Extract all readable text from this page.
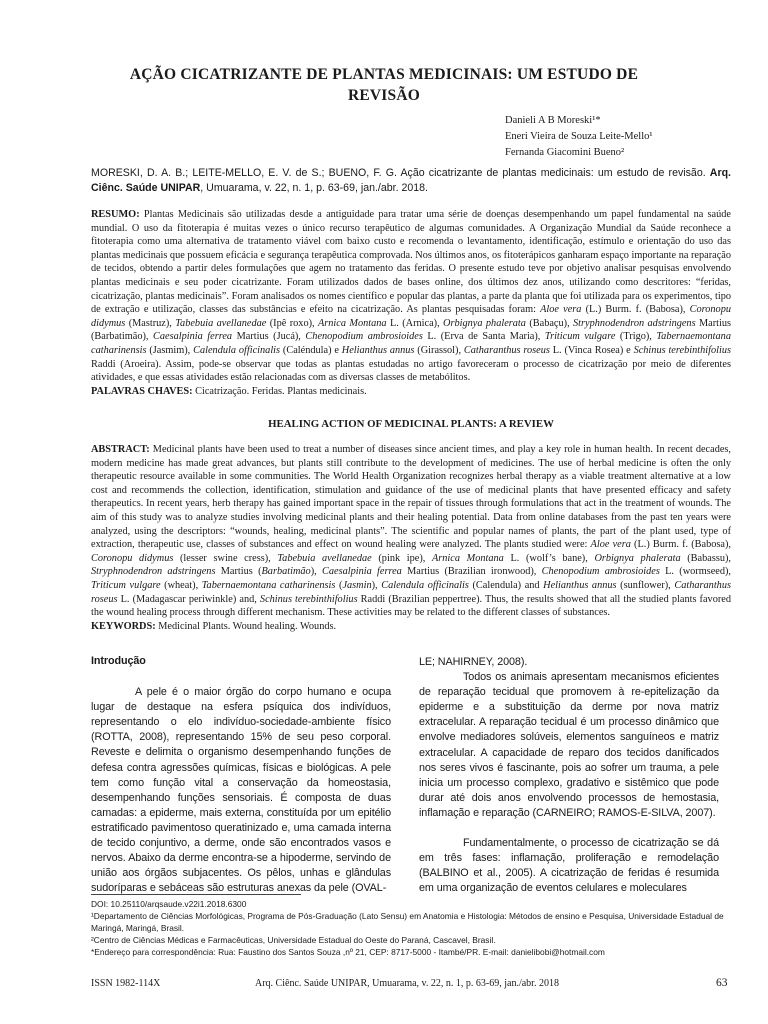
AÇÃO CICATRIZANTE DE PLANTAS MEDICINAIS: UM ESTUDO DE
REVISÃO
Danieli A B Moreski¹*
Eneri Vieira de Souza Leite-Mello¹
Fernanda Giacomini Bueno²
MORESKI, D. A. B.; LEITE-MELLO, E. V. de S.; BUENO, F. G. Ação cicatrizante de plantas medicinais: um estudo de revisão. Arq. Ciênc. Saúde UNIPAR, Umuarama, v. 22, n. 1, p. 63-69, jan./abr. 2018.
RESUMO: Plantas Medicinais são utilizadas desde a antiguidade para tratar uma série de doenças desempenhando um papel fundamental na saúde mundial. O uso da fitoterapia é muitas vezes o único recurso terapêutico de algumas comunidades. A Organização Mundial da Saúde reconhece a fitoterapia como uma alternativa de tratamento viável com baixo custo e recomenda o levantamento, identificação, estímulo e orientação do uso das plantas medicinais que possuem eficácia e segurança terapêutica comprovada. Nos últimos anos, os fitoterápicos ganharam espaço importante na reparação de tecidos, obtendo a partir deles formulações que agem no tratamento das feridas. O presente estudo teve por objetivo analisar pesquisas envolvendo plantas medicinais e seu poder cicatrizante. Foram utilizados dados de bases online, dos últimos dez anos, utilizando como descritores: “feridas, cicatrização, plantas medicinais”. Foram analisados os nomes científico e popular das plantas, a parte da planta que foi utilizada para os experimentos, tipo de extração e utilização, classes das substâncias e efeito na cicatrização. As plantas pesquisadas foram: Aloe vera (L.) Burm. f. (Babosa), Coronopu didymus (Mastruz), Tabebuia avellanedae (Ipê roxo), Arnica Montana L. (Arnica), Orbignya phalerata (Babaçu), Stryphnodendron adstringens Martius (Barbatimão), Caesalpinia ferrea Martius (Jucá), Chenopodium ambrosioides L. (Erva de Santa Maria), Triticum vulgare (Trigo), Tabernaemontana catharinensis (Jasmim), Calendula officinalis (Caléndula) e Helianthus annus (Girassol), Catharanthus roseus L. (Vinca Rosea) e Schinus terebinthifolius Raddi (Aroeira). Assim, pode-se observar que todas as plantas estudadas no artigo favoreceram o processo de cicatrização por meio de diferentes atividades, e que essas atividades estão relacionadas com as diversas classes de metabólitos.
PALAVRAS CHAVES: Cicatrização. Feridas. Plantas medicinais.
HEALING ACTION OF MEDICINAL PLANTS: A REVIEW
ABSTRACT: Medicinal plants have been used to treat a number of diseases since ancient times, and play a key role in human health. In recent decades, modern medicine has made great advances, but plants still contribute to the development of medicines. The use of herbal medicine is often the only therapeutic resource available in some communities. The World Health Organization recognizes herbal therapy as a viable treatment alternative at a low cost and recommends the collection, identification, stimulation and guidance of the use of medicinal plants that have presented efficacy and safety therapeutics. In recent years, herb therapy has gained important space in the repair of tissues through formulations that act in the treatment of wounds. The aim of this study was to analyze studies involving medicinal plants and their healing potential. Data from online databases from the past ten years were analyzed, using the descriptors: “wounds, healing, medicinal plants”. The scientific and popular names of plants, the part of the plant used, type of extraction, therapeutic use, classes of substances and effect on wound healing were analyzed. The plants studied were: Aloe vera (L.) Burm. f. (Babosa), Coronopu didymus (lesser swine cress), Tabebuia avellanedae (pink ipe), Arnica Montana L. (wolf’s bane), Orbignya phalerata (Babassu), Stryphnodendron adstringens Martius (Barbatimão), Caesalpinia ferrea Martius (Brazilian ironwood), Chenopodium ambrosioides L. (wormseed), Triticum vulgare (wheat), Tabernaemontana catharinensis (Jasmin), Calendula officinalis (Calendula) and Helianthus annus (sunflower), Catharanthus roseus L. (Madagascar periwinkle) and, Schinus terebinthifolius Raddi (Brazilian peppertree). Thus, the results showed that all the studied plants favored the wound healing process through different mechanism. These activities may be related to the different classes of substances.
KEYWORDS: Medicinal Plants. Wound healing. Wounds.
Introdução

A pele é o maior órgão do corpo humano e ocupa lugar de destaque na esfera psíquica dos indivíduos, representando o elo indivíduo-sociedade-ambiente físico (ROTTA, 2008), representando 15% de seu peso corporal. Reveste e delimita o organismo desempenhando funções de defesa contra agressões químicas, físicas e biológicas. A pele tem como função vital a conservação da homeostasia, desempenhando funções sensoriais. É composta de duas camadas: a epiderme, mais externa, constituída por um epitélio estratificado pavimentoso queratinizado e, uma camada interna de tecido conjuntivo, a derme, onde são encontrados vasos e nervos. Abaixo da derme encontra-se a hipoderme, servindo de união aos órgãos subjacentes. Os pêlos, unhas e glândulas sudoríparas e sebáceas são estruturas anexas da pele (OVAL-

LE; NAHIRNEY, 2008).

Todos os animais apresentam mecanismos eficientes de reparação tecidual que promovem à re-epitelização da epiderme e a substituição da derme por nova matriz extracelular. A reparação tecidual é um processo dinâmico que envolve mediadores solúveis, elementos sanguíneos e matriz extracelular. A capacidade de reparo dos tecidos danificados nos seres vivos é fascinante, pois ao sofrer um trauma, a pele inicia um processo complexo, gradativo e sistêmico que pode durar até dois anos envolvendo processos de hemostasia, inflamação e reparação (CARNEIRO; RAMOS-E-SILVA, 2007).

Fundamentalmente, o processo de cicatrização se dá em três fases: inflamação, proliferação e remodelação (BALBINO et al., 2005). A cicatrização de feridas é resumida em uma organização de eventos celulares e moleculares

DOI: 10.25110/arqsaude.v22i1.2018.6300
¹Departamento de Ciências Morfológicas, Programa de Pós-Graduação (Lato Sensu) em Anatomia e Histologia: Métodos de ensino e Pesquisa, Universidade Estadual de Maringá, Maringá, Brasil.
²Centro de Ciências Médicas e Farmacêuticas, Universidade Estadual do Oeste do Paraná, Cascavel, Brasil.
*Endereço para correspondência: Rua: Faustino dos Santos Souza ,nº 21, CEP: 8717-5000 - Itambé/PR. E-mail: danielibobi@hotmail.com
ISSN 1982-114X	Arq. Ciênc. Saúde UNIPAR, Umuarama, v. 22, n. 1, p. 63-69, jan./abr. 2018	63
